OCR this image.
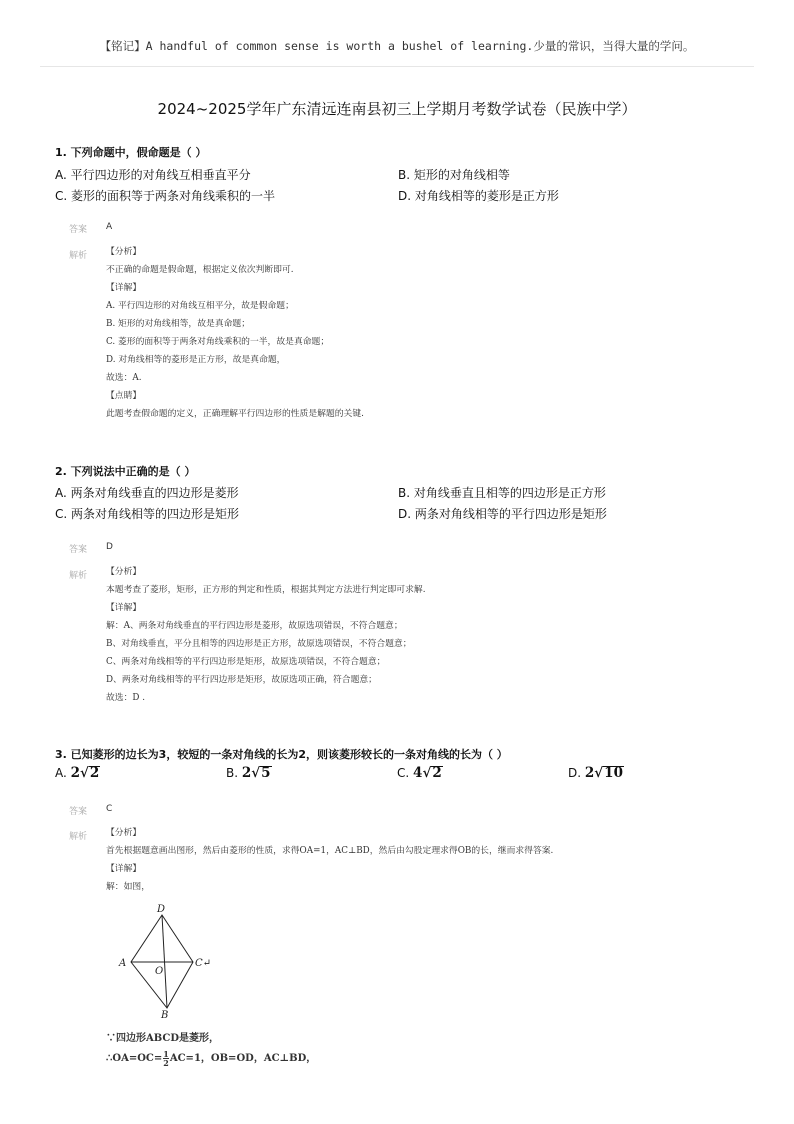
【铭记】A handful of common sense is worth a bushel of learning.少量的常识，当得大量的学问。
2024~2025学年广东清远连南县初三上学期月考数学试卷（民族中学）
1. 下列命题中，假命题是（ ）
A. 平行四边形的对角线互相垂直平分	B. 矩形的对角线相等
C. 菱形的面积等于两条对角线乘积的一半	D. 对角线相等的菱形是正方形
答案 A
解析 【分析】
不正确的命题是假命题，根据定义依次判断即可.
【详解】
A. 平行四边形的对角线互相平分，故是假命题；
B. 矩形的对角线相等，故是真命题；
C. 菱形的面积等于两条对角线乘积的一半，故是真命题；
D. 对角线相等的菱形是正方形，故是真命题，
故选：A.
【点睛】
此题考查假命题的定义，正确理解平行四边形的性质是解题的关键.
2. 下列说法中正确的是（ ）
A. 两条对角线垂直的四边形是菱形	B. 对角线垂直且相等的四边形是正方形
C. 两条对角线相等的四边形是矩形	D. 两条对角线相等的平行四边形是矩形
答案 D
解析 【分析】
本题考查了菱形，矩形，正方形的判定和性质，根据其判定方法进行判定即可求解.
【详解】
解：A、两条对角线垂直的平行四边形是菱形，故原选项错误，不符合题意；
B、对角线垂直，平分且相等的四边形是正方形，故原选项错误，不符合题意；
C、两条对角线相等的平行四边形是矩形，故原选项错误，不符合题意；
D、两条对角线相等的平行四边形是矩形，故原选项正确，符合题意；
故选：D .
3. 已知菱形的边长为3，较短的一条对角线的长为2，则该菱形较长的一条对角线的长为（ ）
A. 2√2	B. 2√5	C. 4√2	D. 2√10
答案 C
解析 【分析】
首先根据题意画出图形，然后由菱形的性质，求得OA=1，AC⊥BD，然后由勾股定理求得OB的长，继而求得答案.
【详解】
解：如图，
D
A
O
C↵
B
∵四边形ABCD是菱形，
∴OA=OC= $\frac{1}{2} AC=1$，OB=OD，AC⊥BD，
